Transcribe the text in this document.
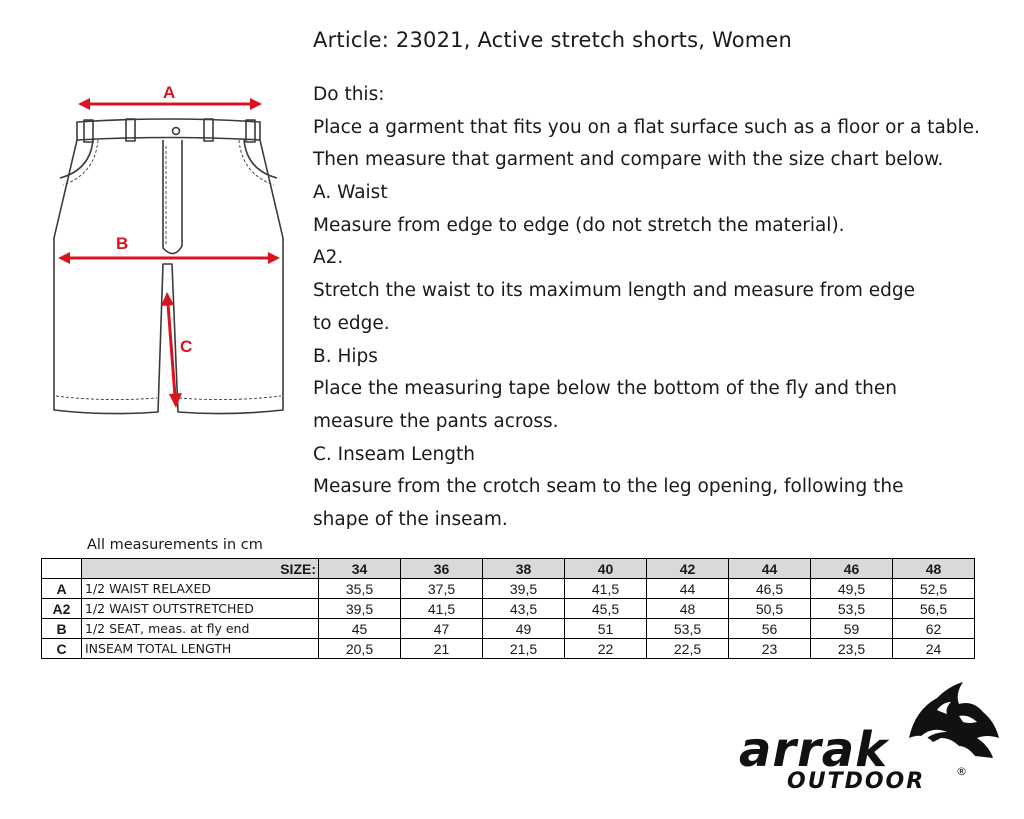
Article: 23021, Active stretch shorts, Women
Do this:
Place a garment that fits you on a flat surface such as a floor or a table.
Then measure that garment and compare with the size chart below.
A. Waist
Measure from edge to edge (do not stretch the material).
A2.
Stretch the waist to its maximum length and measure from edge
to edge.
B. Hips
Place the measuring tape below the bottom of the fly and then
measure the pants across.
C. Inseam Length
Measure from the crotch seam to the leg opening, following the
shape of the inseam.
A
B
C
All measurements in cm
	SIZE:	34	36	38	40	42	44	46	48
A	1/2 WAIST RELAXED	35,5	37,5	39,5	41,5	44	46,5	49,5	52,5
A2	1/2 WAIST OUTSTRETCHED	39,5	41,5	43,5	45,5	48	50,5	53,5	56,5
B	1/2 SEAT, meas. at fly end	45	47	49	51	53,5	56	59	62
C	INSEAM TOTAL LENGTH	20,5	21	21,5	22	22,5	23	23,5	24
arrak
OUTDOOR	®
